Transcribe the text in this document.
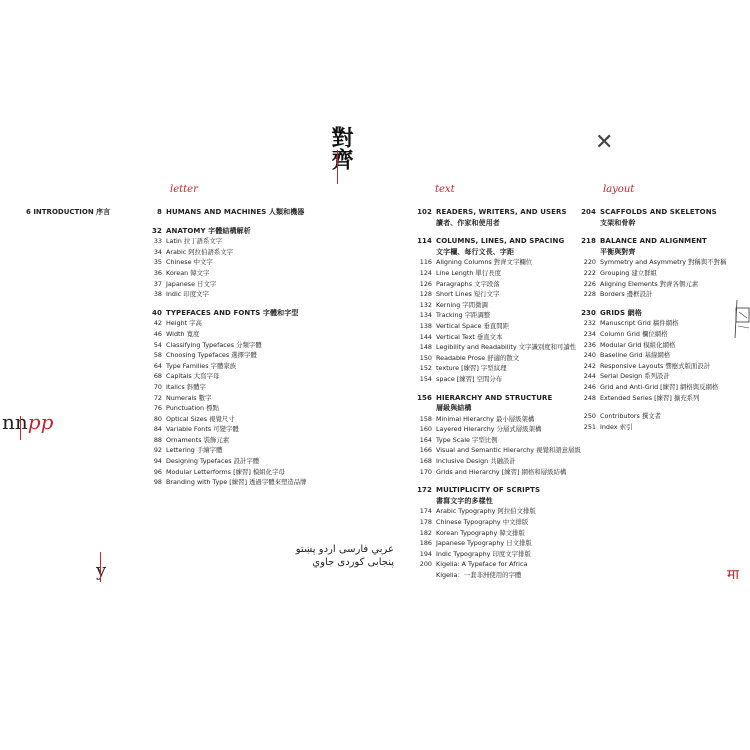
對齊	✕
letter	text	layout
nnpp
y	मा
عربي فارسی اردو پښتو
پنجابی کوردی جاوي
6 INTRODUCTION 序言	8 HUMANS AND MACHINES 人類和機器
32 ANATOMY 字體結構解析
33 Latin 拉丁語系文字
34 Arabic 阿拉伯語系文字
35 Chinese 中文字
36 Korean 韓文字
37 Japanese 日文字
38 Indic 印度文字
40 TYPEFACES AND FONTS 字體和字型
42 Height 字高
46 Width 寬度
54 Classifying Typefaces 分類字體
58 Choosing Typefaces 選擇字體
64 Type Families 字體家族
68 Capitals 大寫字母
70 Italics 斜體字
72 Numerals 數字
76 Punctuation 標點
80 Optical Sizes 視覺尺寸
84 Variable Fonts 可變字體
88 Ornaments 裝飾元素
92 Lettering 手繪字體
94 Designing Typefaces 設計字體
96 Modular Letterforms [練習] 模組化字母
98 Branding with Type [練習] 透過字體來塑造品牌
102 READERS, WRITERS, AND USERS
讀者、作家和使用者
114 COLUMNS, LINES, AND SPACING
文字欄、每行文長、字距
116 Aligning Columns 對齊文字欄位
124 Line Length 單行長度
126 Paragraphs 文字段落
128 Short Lines 短行文字
132 Kerning 字間微調
134 Tracking 字距調整
138 Vertical Space 垂直間距
144 Vertical Text 垂直文本
148 Legibility and Readability 文字識別度和可讀性
150 Readable Prose 舒適的散文
152 texture [練習] 字型紋理
154 space [練習] 空間分布
156 HIERARCHY AND STRUCTURE
層級與結構
158 Minimal Hierarchy 最小層級架構
160 Layered Hierarchy 分層式層級架構
164 Type Scale 字型比例
166 Visual and Semantic Hierarchy 視覺和語意層級
168 Inclusive Design 共融設計
170 Grids and Hierarchy [練習] 網格和層級結構
172 MULTIPLICITY OF SCRIPTS
書寫文字的多樣性
174 Arabic Typography 阿拉伯文排版
178 Chinese Typography 中文排版
182 Korean Typography 韓文排版
186 Japanese Typography 日文排版
194 Indic Typography 印度文字排版
200 Kigelia: A Typeface for Africa
Kigelia：一套非洲使用的字體
204 SCAFFOLDS AND SKELETONS
支架和骨幹
218 BALANCE AND ALIGNMENT
平衡與對齊
220 Symmetry and Asymmetry 對稱與不對稱
222 Grouping 建立群組
226 Aligning Elements 對齊各個元素
228 Borders 邊框設計
230 GRIDS 網格
232 Manuscript Grid 稿件網格
234 Column Grid 欄位網格
236 Modular Grid 模組化網格
240 Baseline Grid 基線網格
242 Responsive Layouts 響應式版面設計
244 Serial Design 系列設計
246 Grid and Anti-Grid [練習] 網格與反網格
248 Extended Series [練習] 擴充系列
250 Contributors 撰文者
251 Index 索引
